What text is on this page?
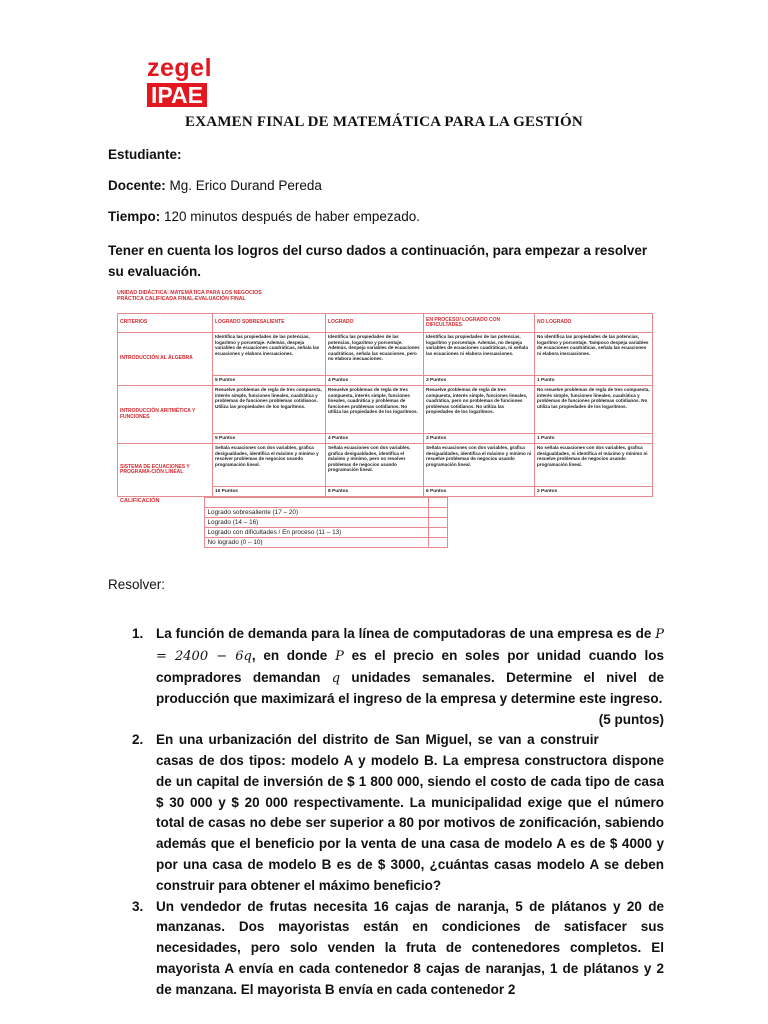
zegel
IPAE
EXAMEN FINAL DE MATEMÁTICA PARA LA GESTIÓN
Estudiante:
Docente: Mg. Erico Durand Pereda
Tiempo: 120 minutos después de haber empezado.
Tener en cuenta los logros del curso dados a continuación, para empezar a resolver su evaluación.
UNIDAD DIDÁCTICA: MATEMÁTICA PARA LOS NEGOCIOS
PRÁCTICA CALIFICADA FINAL-EVALUACIÓN FINAL
CRITERIOS	LOGRADO SOBRESALIENTE	LOGRADO	EN PROCESO/ LOGRADO CON DIFICULTADES	NO LOGRADO
INTRODUCCIÓN AL ÁLGEBRA	Identifica las propiedades de las potencias, logaritmo y porcentaje. Además, despeja variables de ecuaciones cuadráticas, señala las ecuaciones y elabora inecuaciones.	Identifica las propiedades de las potencias, logaritmo y porcentaje. Además, despeja variables de ecuaciones cuadráticas, señala las ecuaciones, pero no elabora inecuaciones.	Identifica las propiedades de las potencias, logaritmo y porcentaje. Además, no despeja variables de ecuaciones cuadráticas, ni señala las ecuaciones ni elabora inecuaciones.	No identifica las propiedades de las potencias, logaritmo y porcentaje. Tampoco despeja variables de ecuaciones cuadráticas, señala las ecuaciones ni elabora inecuaciones.
	5 Puntos	4 Puntos	3 Puntos	1 Punto
INTRODUCCIÓN ARITMÉTICA Y FUNCIONES	Resuelve problemas de regla de tres compuesta, interés simple, funciones lineales, cuadrática y problemas de funciones problemas cotidianos. Utiliza las propiedades de los logaritmos.	Resuelve problemas de regla de tres compuesta, interés simple, funciones lineales, cuadrática y problemas de funciones problemas cotidianos. No utiliza las propiedades de los logaritmos.	Resuelve problemas de regla de tres compuesta, interés simple, funciones lineales, cuadrática, pero no problemas de funciones problemas cotidianos. No utiliza las propiedades de los logaritmos.	No resuelve problemas de regla de tres compuesta, interés simple, funciones lineales, cuadrática y problemas de funciones problemas cotidianos. No utiliza las propiedades de los logaritmos.
	5 Puntos	4 Puntos	3 Puntos	1 Punto
SISTEMA DE ECUACIONES Y PROGRAMA-CIÓN LINEAL	Señala ecuaciones con dos variables, grafica desigualdades, identifica el máximo y mínimo y resolver problemas de negocios usando programación lineal.	Señala ecuaciones con dos variables, grafica desigualdades, identifica el máximo y mínimo, pero no resolver problemas de negocios usando programación lineal.	Señala ecuaciones con dos variables, grafica desigualdades, identifica el máximo y mínimo ni resuelve problemas de negocios usando programación lineal.	No señala ecuaciones con dos variables, grafica desigualdades, ni identifica el máximo y mínimo ni resuelve problemas de negocios usando programación lineal.
	10 Puntos	8 Puntos	6 Puntos	2 Puntos
CALIFICACIÓN		
	Logrado sobresaliente (17 – 20)	
	Logrado (14 – 16)	
	Logrado con dificultades / En proceso (11 – 13)	
	No logrado (0 – 10)	
Resolver:
1. La función de demanda para la línea de computadoras de una empresa es de P = 2400 − 6q, en donde P es el precio en soles por unidad cuando los compradores demandan q unidades semanales. Determine el nivel de producción que maximizará el ingreso de la empresa y determine este ingreso.
(5 puntos)
2. En una urbanización del distrito de San Miguel, se van a construir casas de dos tipos: modelo A y modelo B. La empresa constructora dispone de un capital de inversión de $ 1 800 000, siendo el costo de cada tipo de casa $ 30 000 y $ 20 000 respectivamente. La municipalidad exige que el número total de casas no debe ser superior a 80 por motivos de zonificación, sabiendo además que el beneficio por la venta de una casa de modelo A es de $ 4000 y por una casa de modelo B es de $ 3000, ¿cuántas casas modelo A se deben construir para obtener el máximo beneficio?
3. Un vendedor de frutas necesita 16 cajas de naranja, 5 de plátanos y 20 de manzanas. Dos mayoristas están en condiciones de satisfacer sus necesidades, pero solo venden la fruta de contenedores completos. El mayorista A envía en cada contenedor 8 cajas de naranjas, 1 de plátanos y 2 de manzana. El mayorista B envía en cada contenedor 2
